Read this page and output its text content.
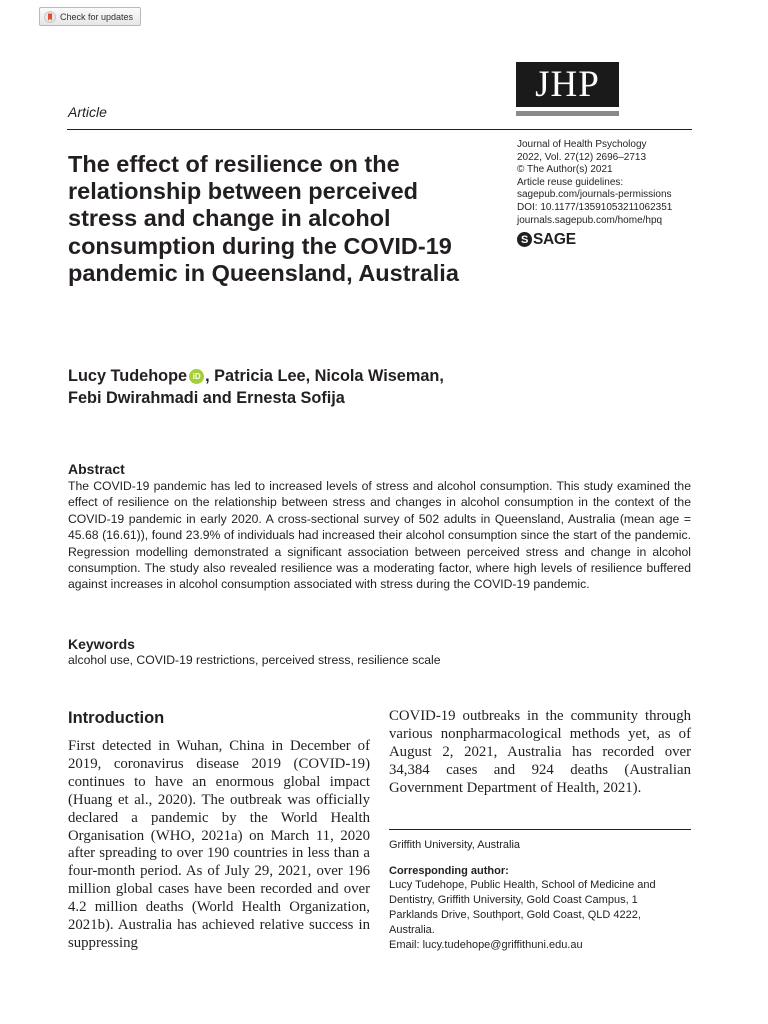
Check for updates
JHP
Article
The effect of resilience on the relationship between perceived stress and change in alcohol consumption during the COVID-19 pandemic in Queensland, Australia
Journal of Health Psychology
2022, Vol. 27(12) 2696–2713
© The Author(s) 2021
Article reuse guidelines:
sagepub.com/journals-permissions
DOI: 10.1177/13591053211062351
journals.sagepub.com/home/hpq
S SAGE
Lucy Tudehope iD , Patricia Lee, Nicola Wiseman,
Febi Dwirahmadi and Ernesta Sofija
Abstract
The COVID-19 pandemic has led to increased levels of stress and alcohol consumption. This study examined the effect of resilience on the relationship between stress and changes in alcohol consumption in the context of the COVID-19 pandemic in early 2020. A cross-sectional survey of 502 adults in Queensland, Australia (mean age = 45.68 (16.61)), found 23.9% of individuals had increased their alcohol consumption since the start of the pandemic. Regression modelling demonstrated a significant association between perceived stress and change in alcohol consumption. The study also revealed resilience was a moderating factor, where high levels of resilience buffered against increases in alcohol consumption associated with stress during the COVID-19 pandemic.
Keywords
alcohol use, COVID-19 restrictions, perceived stress, resilience scale
Introduction
First detected in Wuhan, China in December of 2019, coronavirus disease 2019 (COVID-19) continues to have an enormous global impact (Huang et al., 2020). The outbreak was officially declared a pandemic by the World Health Organisation (WHO, 2021a) on March 11, 2020 after spreading to over 190 countries in less than a four-month period. As of July 29, 2021, over 196 million global cases have been recorded and over 4.2 million deaths (World Health Organization, 2021b). Australia has achieved relative success in suppressing
COVID-19 outbreaks in the community through various nonpharmacological methods yet, as of August 2, 2021, Australia has recorded over 34,384 cases and 924 deaths (Australian Government Department of Health, 2021).
Griffith University, Australia
Corresponding author:
Lucy Tudehope, Public Health, School of Medicine and
Dentistry, Griffith University, Gold Coast Campus, 1
Parklands Drive, Southport, Gold Coast, QLD 4222,
Australia.
Email: lucy.tudehope@griffithuni.edu.au
